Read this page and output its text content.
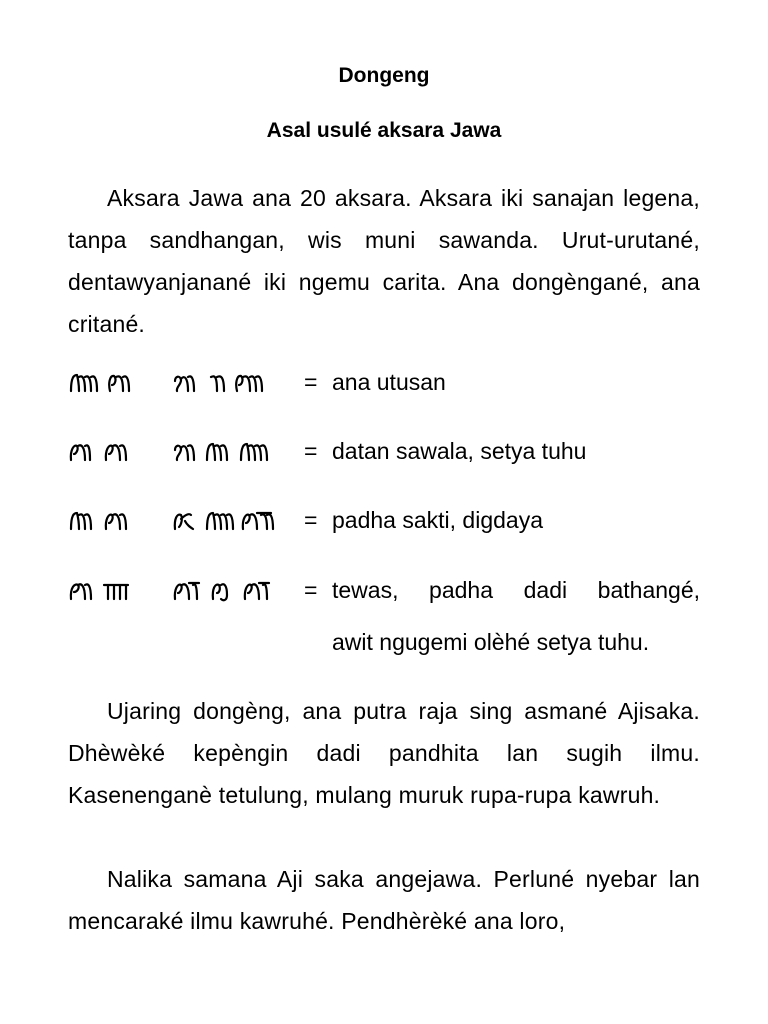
Dongeng
Asal usulé aksara Jawa

Aksara Jawa ana 20 aksara. Aksara iki sanajan legena, tanpa sandhangan, wis muni sawanda. Urut-urutané, dentawyanjanané iki ngemu carita. Ana dongèngané, ana critané.

= ana utusan
= datan sawala, setya tuhu
= padha sakti, digdaya
= tewas, padha dadi bathangé,
awit ngugemi olèhé setya tuhu.

Ujaring dongèng, ana putra raja sing asmané Ajisaka. Dhèwèké kepèngin dadi pandhita lan sugih ilmu. Kasenenganè tetulung, mulang muruk rupa-rupa kawruh.

Nalika samana Aji saka angejawa. Perluné nyebar lan mencaraké ilmu kawruhé. Pendhèrèké ana loro,
